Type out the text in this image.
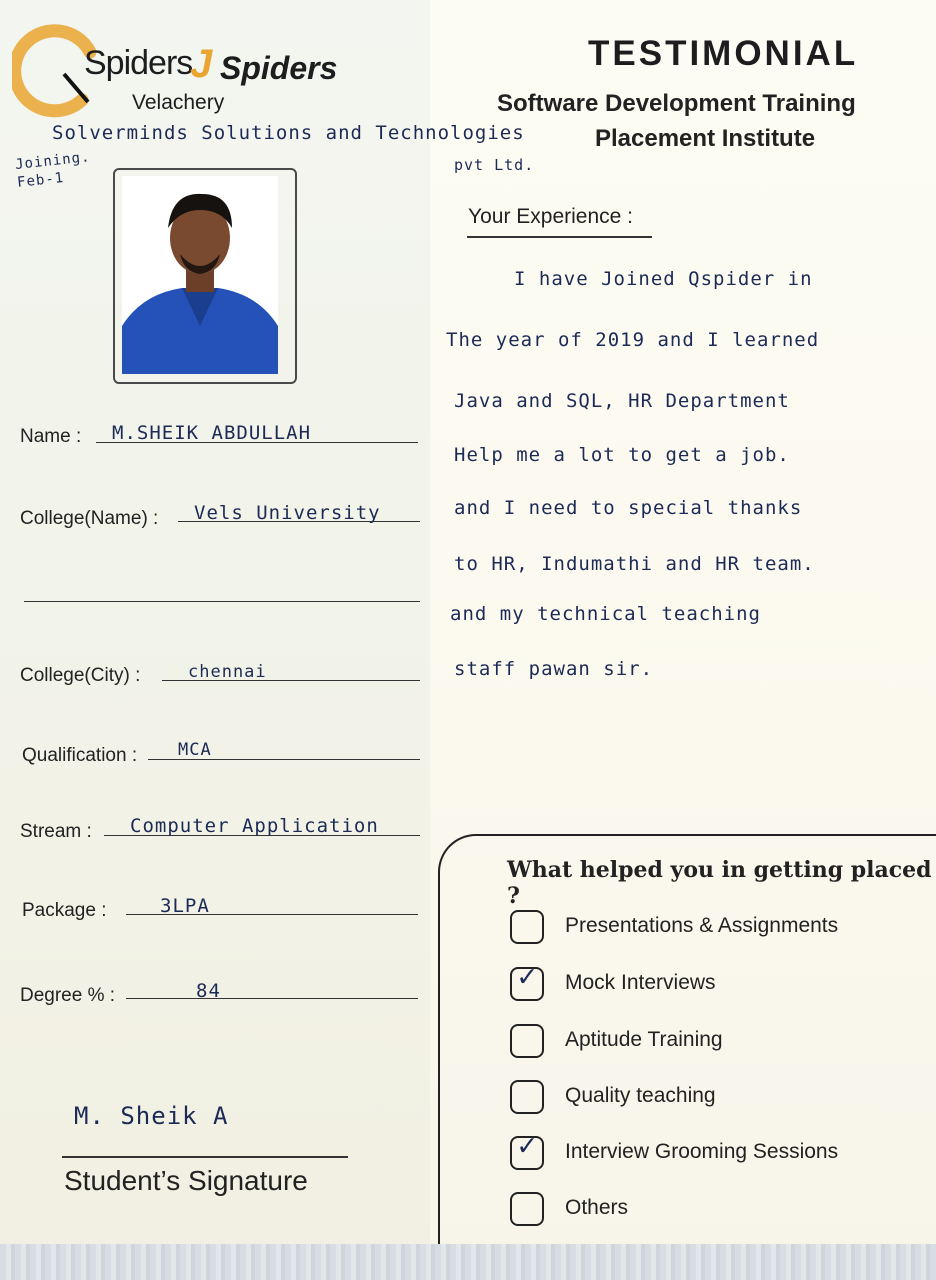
Spiders
J Spiders
Velachery
Solverminds Solutions and Technologies
pvt Ltd.
Joining.
Feb-1
TESTIMONIAL
Software Development Training
Placement Institute
Name : M.SHEIK ABDULLAH
College(Name) : Vels University
College(City) :	chennai
Qualification : MCA
Stream : Computer Application
Package :	3LPA
Degree % :	84
M. Sheik A
Student’s Signature
Your Experience :
I have Joined Qspider in
The year of 2019 and I learned
Java and SQL, HR Department
Help me a lot to get a job.
and I need to special thanks
to HR, Indumathi and HR team.
and my technical teaching
staff pawan sir.
What helped you in getting placed ?
Presentations & Assignments
✓ Mock Interviews
Aptitude Training
Quality teaching
✓ Interview Grooming Sessions
Others
